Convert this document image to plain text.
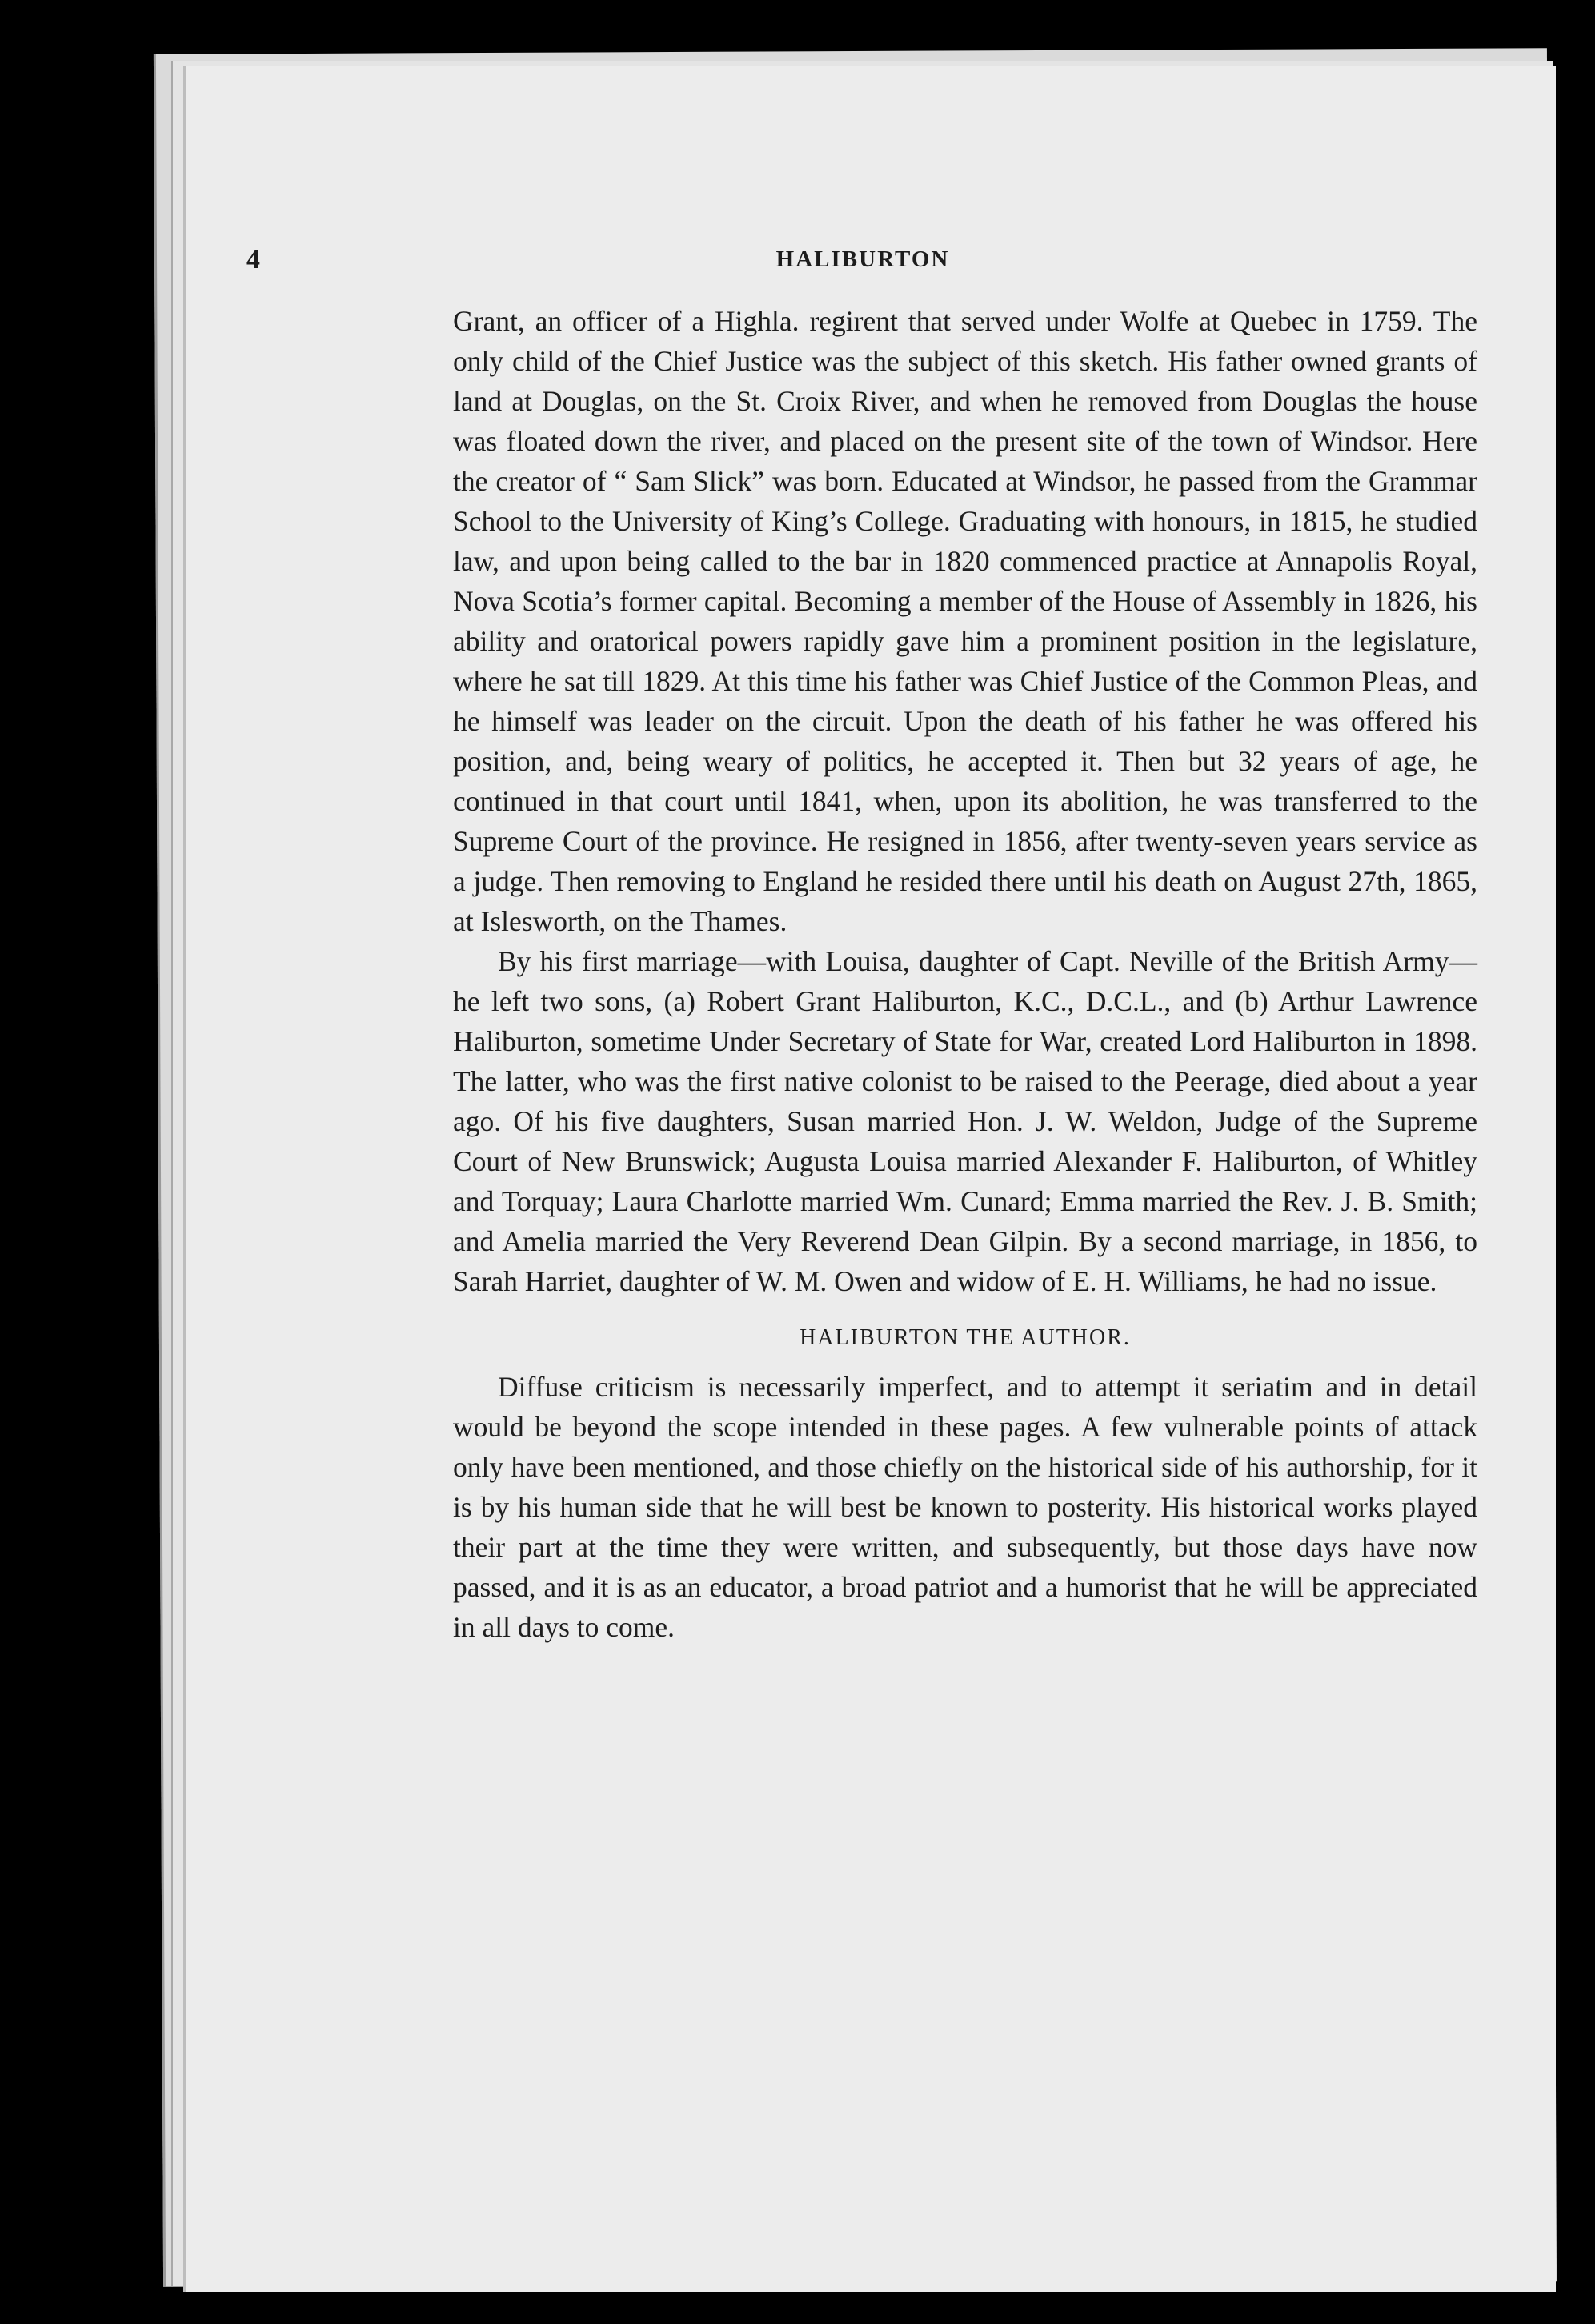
4	HALIBURTON

Grant, an officer of a Highla. regirent that served under Wolfe at Quebec in 1759. The only child of the Chief Justice was the subject of this sketch. His father owned grants of land at Douglas, on the St. Croix River, and when he removed from Douglas the house was floated down the river, and placed on the present site of the town of Windsor. Here the creator of “ Sam Slick” was born. Educated at Windsor, he passed from the Grammar School to the University of King’s College. Graduating with honours, in 1815, he studied law, and upon being called to the bar in 1820 commenced practice at Annapolis Royal, Nova Scotia’s former capital. Becoming a member of the House of Assembly in 1826, his ability and oratorical powers rapidly gave him a prominent position in the legislature, where he sat till 1829. At this time his father was Chief Justice of the Common Pleas, and he himself was leader on the circuit. Upon the death of his father he was offered his position, and, being weary of politics, he accepted it. Then but 32 years of age, he continued in that court until 1841, when, upon its abolition, he was transferred to the Supreme Court of the province. He resigned in 1856, after twenty-seven years service as a judge. Then removing to England he resided there until his death on August 27th, 1865, at Islesworth, on the Thames.

By his first marriage—with Louisa, daughter of Capt. Neville of the British Army—he left two sons, (a) Robert Grant Haliburton, K.C., D.C.L., and (b) Arthur Lawrence Haliburton, sometime Under Secretary of State for War, created Lord Haliburton in 1898. The latter, who was the first native colonist to be raised to the Peerage, died about a year ago. Of his five daughters, Susan married Hon. J. W. Weldon, Judge of the Supreme Court of New Brunswick; Augusta Louisa married Alexander F. Haliburton, of Whitley and Torquay; Laura Charlotte married Wm. Cunard; Emma married the Rev. J. B. Smith; and Amelia married the Very Reverend Dean Gilpin. By a second marriage, in 1856, to Sarah Harriet, daughter of W. M. Owen and widow of E. H. Williams, he had no issue.

HALIBURTON THE AUTHOR.

Diffuse criticism is necessarily imperfect, and to attempt it seriatim and in detail would be beyond the scope intended in these pages. A few vulnerable points of attack only have been mentioned, and those chiefly on the historical side of his authorship, for it is by his human side that he will best be known to posterity. His historical works played their part at the time they were written, and subsequently, but those days have now passed, and it is as an educator, a broad patriot and a humorist that he will be appreciated in all days to come.
